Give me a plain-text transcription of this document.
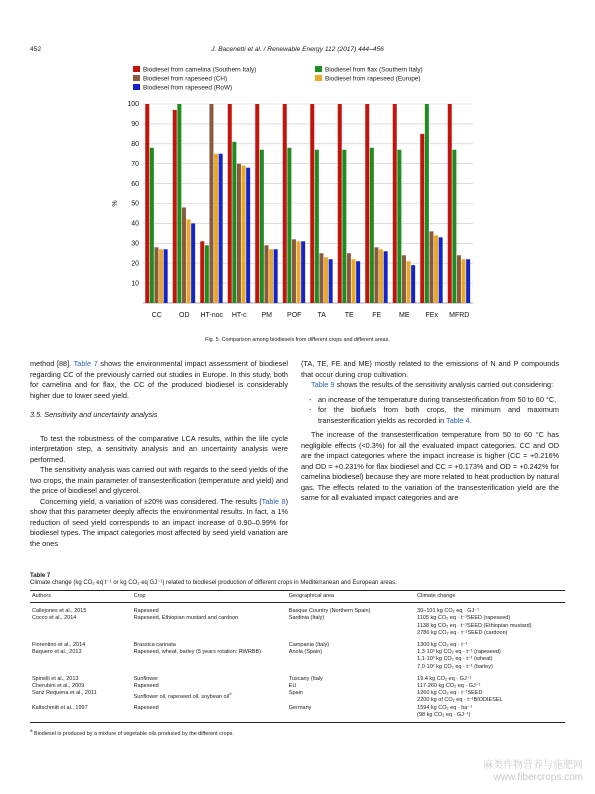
452	J. Bacenetti et al. / Renewable Energy 112 (2017) 444–456
Biodiesel from camelina (Southern Italy)	Biodiesel from flax (Southern Italy)
Biodiesel from rapeseed (CH)	Biodiesel from rapeseed (Europe)
Biodiesel from rapeseed (RoW)
10
20
30
40
50
60
70
80
90
100
%
CC OD HT-noc HT-c PM POF TA	TE	FE	ME FEx MFRD
Fig. 5. Comparison among biodiesels from different crops and different areas.

method [88]. Table 7 shows the environmental impact assessment of biodiesel regarding CC of the previously carried out studies in Europe. In this study, both for camelina and for flax, the CC of the produced biodiesel is considerably higher due to lower seed yield.

3.5. Sensitivity and uncertainty analysis

To test the robustness of the comparative LCA results, within the life cycle interpretation step, a sensitivity analysis and an uncertainty analysis were performed.

The sensitivity analysis was carried out with regards to the seed yields of the two crops, the main parameter of transesterification (temperature and yield) and the price of biodiesel and glycerol.

Concerning yield, a variation of ±20% was considered. The results (Table 8) show that this parameter deeply affects the environmental results. In fact, a 1% reduction of seed yield corresponds to an impact increase of 0.90–0.99% for biodiesel types. The impact categories most affected by seed yield variation are the ones

(TA, TE, FE and ME) mostly related to the emissions of N and P compounds that occur during crop cultivation.

Table 9 shows the results of the sensitivity analysis carried out considering:

- an increase of the temperature during transesterification from 50 to 60 °C,
- for the biofuels from both crops, the minimum and maximum transesterification yields as recorded in Table 4.

The increase of the transesterification temperature from 50 to 60 °C has negligible effects (<0.3%) for all the evaluated impact categories. CC and OD are the impact categories where the impact increase is higher (CC = +0.216% and OD = +0.231% for flax biodiesel and CC = +0.173% and OD = +0.242% for camelina biodiesel) because they are more related to heat production by natural gas. The effects related to the variation of the transesterification yield are the same for all evaluated impact categories and are

Table 7
Climate change (kg CO₂ eq t⁻¹ or kg CO₂ eq GJ⁻¹) related to biodiesel production of different crops in Mediterranean and European areas.
Authors	Crop	Geographical area	Climate change
Callejones et al., 2015	Rapeseed	Basque Country (Northern Spain)	30–101 kg CO₂ eq · GJ⁻¹
Cocco et al., 2014	Rapeseed, Ethiopian mustard and cardoon	Sardinia (Italy)	1105 kg CO₂ eq · t⁻¹SEED (rapeseed)
1138 kg CO₂ eq · t⁻¹SEED (Ethiopian mustard)
2786 kg CO₂ eq · t⁻¹SEED (cardoon)
Fiorentino et al., 2014	Brassica carinata	Campania (Italy)	1300 kg CO₂ eq · t⁻¹
Baquero et al., 2013	Rapeseed, wheat, barley (5 years rotation: RWRBB)	Anola (Spain)	1,3·10³ kg CO₂ eq · t⁻¹ (rapeseed)
1,1·10³ kg CO₂ eq · t⁻¹ (wheat)
7,0·10² kg CO₂ eq · t⁻¹ (barley)
Spinelli et al., 2013	Sunflower	Tuscany (Italy	19.4 kg CO₂ eq · GJ⁻¹
Cherubini et al., 2009	Rapeseed	EU	117-260 kg CO₂ eq · GJ⁻¹
Sanz Requena et al., 2011	Sunflower oil, rapeseed oil, soybean oil$^a$	Spain	1260 kg CO₂ eq · t⁻¹SEED
2200 kg of CO₂ eq · t⁻¹BIODIESEL
Kaltschmitt et al., 1997	Rapeseed	Germany	1594 kg CO₂ eq · ha⁻¹
(98 kg CO₂ eq · GJ⁻¹)
$^a$ Biodiesel is produced by a mixture of vegetable oils produced by the different crops.
麻类作物营养与施肥网
www.fibercrops.com
